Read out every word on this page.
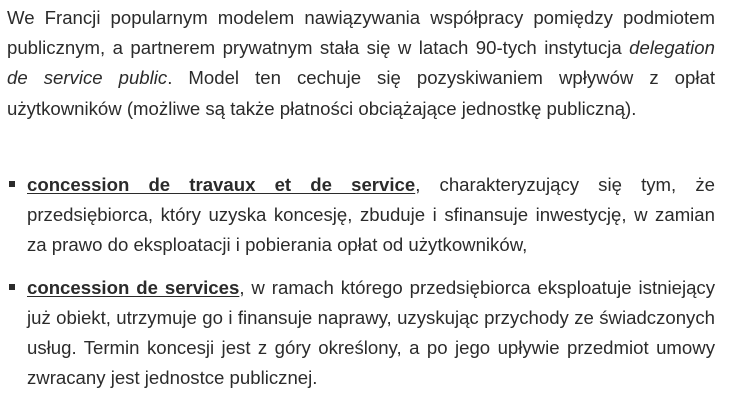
We Francji popularnym modelem nawiązywania współpracy pomiędzy podmiotem publicznym, a partnerem prywatnym stała się w latach 90-tych instytucja delegation de service public. Model ten cechuje się pozyskiwaniem wpływów z opłat użytkowników (możliwe są także płatności obciążające jednostkę publiczną).

concession de travaux et de service, charakteryzujący się tym, że przedsiębiorca, który uzyska koncesję, zbuduje i sfinansuje inwestycję, w zamian za prawo do eksploatacji i pobierania opłat od użytkowników,
concession de services, w ramach którego przedsiębiorca eksploatuje istniejący już obiekt, utrzymuje go i finansuje naprawy, uzyskując przychody ze świadczonych usług. Termin koncesji jest z góry określony, a po jego upływie przedmiot umowy zwracany jest jednostce publicznej.
